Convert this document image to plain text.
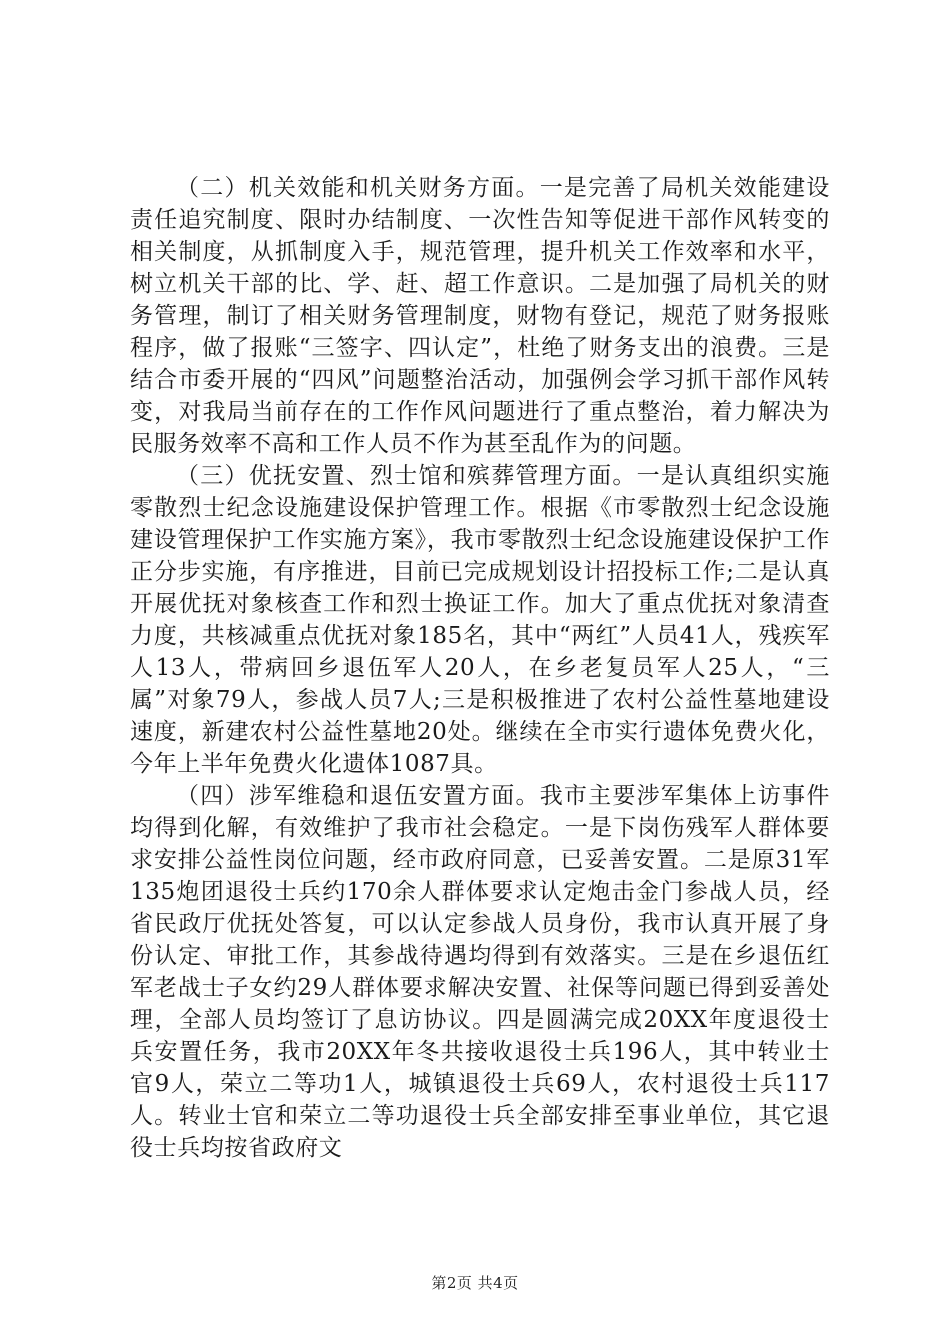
（二）机关效能和机关财务方面。一是完善了局机关效能建设责任追究制度、限时办结制度、一次性告知等促进干部作风转变的相关制度，从抓制度入手，规范管理，提升机关工作效率和水平，树立机关干部的比、学、赶、超工作意识。二是加强了局机关的财务管理，制订了相关财务管理制度，财物有登记，规范了财务报账程序，做了报账“三签字、四认定”，杜绝了财务支出的浪费。三是结合市委开展的“四风”问题整治活动，加强例会学习抓干部作风转变，对我局当前存在的工作作风问题进行了重点整治，着力解决为民服务效率不高和工作人员不作为甚至乱作为的问题。

（三）优抚安置、烈士馆和殡葬管理方面。一是认真组织实施零散烈士纪念设施建设保护管理工作。根据《市零散烈士纪念设施建设管理保护工作实施方案》，我市零散烈士纪念设施建设保护工作正分步实施，有序推进，目前已完成规划设计招投标工作;二是认真开展优抚对象核查工作和烈士换证工作。加大了重点优抚对象清查力度，共核减重点优抚对象185名，其中“两红”人员41人，残疾军人13人，带病回乡退伍军人20人，在乡老复员军人25人，“三属”对象79人，参战人员7人;三是积极推进了农村公益性墓地建设速度，新建农村公益性墓地20处。继续在全市实行遗体免费火化，今年上半年免费火化遗体1087具。

（四）涉军维稳和退伍安置方面。我市主要涉军集体上访事件均得到化解，有效维护了我市社会稳定。一是下岗伤残军人群体要求安排公益性岗位问题，经市政府同意，已妥善安置。二是原31军135炮团退役士兵约170余人群体要求认定炮击金门参战人员，经省民政厅优抚处答复，可以认定参战人员身份，我市认真开展了身份认定、审批工作，其参战待遇均得到有效落实。三是在乡退伍红军老战士子女约29人群体要求解决安置、社保等问题已得到妥善处理，全部人员均签订了息访协议。四是圆满完成20XX年度退役士兵安置任务，我市20XX年冬共接收退役士兵196人，其中转业士官9人，荣立二等功1人，城镇退役士兵69人，农村退役士兵117人。转业士官和荣立二等功退役士兵全部安排至事业单位，其它退役士兵均按省政府文

第2页 共4页
